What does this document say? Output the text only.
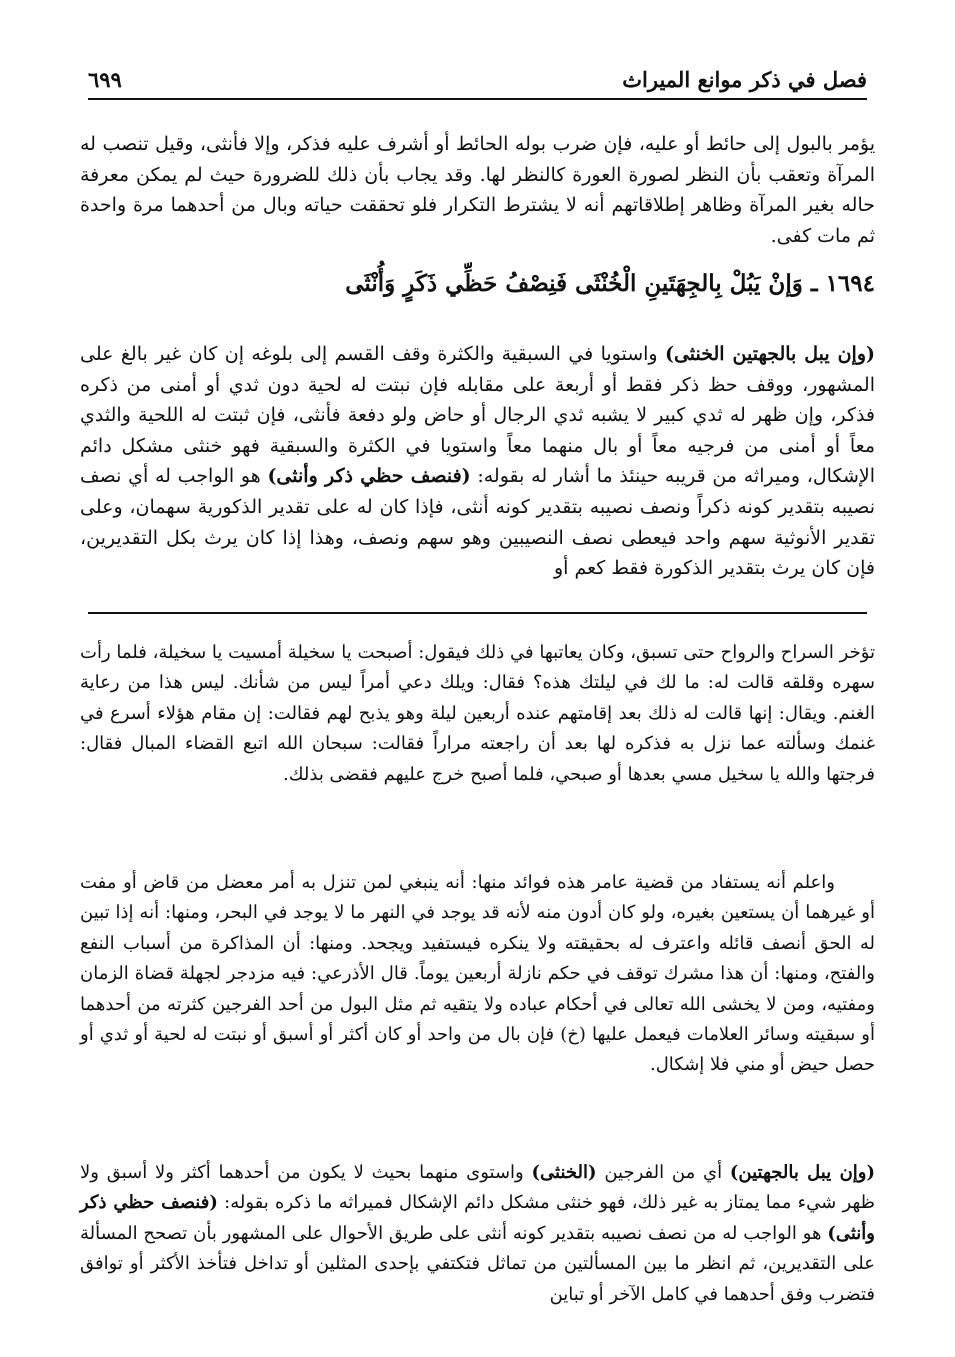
فصل في ذكر موانع الميراث
٦٩٩

يؤمر بالبول إلى حائط أو عليه، فإن ضرب بوله الحائط أو أشرف عليه فذكر، وإلا فأنثى، وقيل تنصب له المرآة وتعقب بأن النظر لصورة العورة كالنظر لها. وقد يجاب بأن ذلك للضرورة حيث لم يمكن معرفة حاله بغير المرآة وظاهر إطلاقاتهم أنه لا يشترط التكرار فلو تحققت حياته وبال من أحدهما مرة واحدة ثم مات كفى.

١٦٩٤ ـ وَإنْ يَبُلْ بِالجِهَتَينِ الْخُنْثَى فَنِصْفُ حَظِّي ذَكَرٍ وَأُنْثَى

(وإن يبل بالجهتين الخنثى) واستويا في السبقية والكثرة وقف القسم إلى بلوغه إن كان غير بالغ على المشهور، ووقف حظ ذكر فقط أو أربعة على مقابله فإن نبتت له لحية دون ثدي أو أمنى من ذكره فذكر، وإن ظهر له ثدي كبير لا يشبه ثدي الرجال أو حاض ولو دفعة فأنثى، فإن ثبتت له اللحية والثدي معاً أو أمنى من فرجيه معاً أو بال منهما معاً واستويا في الكثرة والسبقية فهو خنثى مشكل دائم الإشكال، وميراثه من قريبه حينئذ ما أشار له بقوله: (فنصف حظي ذكر وأنثى) هو الواجب له أي نصف نصيبه بتقدير كونه ذكراً ونصف نصيبه بتقدير كونه أنثى، فإذا كان له على تقدير الذكورية سهمان، وعلى تقدير الأنوثية سهم واحد فيعطى نصف النصيبين وهو سهم ونصف، وهذا إذا كان يرث بكل التقديرين، فإن كان يرث بتقدير الذكورة فقط كعم أو

تؤخر السراح والرواح حتى تسبق، وكان يعاتبها في ذلك فيقول: أصبحت يا سخيلة أمسيت يا سخيلة، فلما رأت سهره وقلقه قالت له: ما لك في ليلتك هذه؟ فقال: ويلك دعي أمراً ليس من شأنك. ليس هذا من رعاية الغنم. ويقال: إنها قالت له ذلك بعد إقامتهم عنده أربعين ليلة وهو يذبح لهم فقالت: إن مقام هؤلاء أسرع في غنمك وسألته عما نزل به فذكره لها بعد أن راجعته مراراً فقالت: سبحان الله اتبع القضاء المبال فقال: فرجتها والله يا سخيل مسي بعدها أو صبحي، فلما أصبح خرج عليهم فقضى بذلك.

واعلم أنه يستفاد من قضية عامر هذه فوائد منها: أنه ينبغي لمن تنزل به أمر معضل من قاض أو مفت أو غيرهما أن يستعين بغيره، ولو كان أدون منه لأنه قد يوجد في النهر ما لا يوجد في البحر، ومنها: أنه إذا تبين له الحق أنصف قائله واعترف له بحقيقته ولا ينكره فيستفيد ويجحد. ومنها: أن المذاكرة من أسباب النفع والفتح، ومنها: أن هذا مشرك توقف في حكم نازلة أربعين يوماً. قال الأذرعي: فيه مزدجر لجهلة قضاة الزمان ومفتيه، ومن لا يخشى الله تعالى في أحكام عباده ولا يتقيه ثم مثل البول من أحد الفرجين كثرته من أحدهما أو سبقيته وسائر العلامات فيعمل عليها (خ) فإن بال من واحد أو كان أكثر أو أسبق أو نبتت له لحية أو ثدي أو حصل حيض أو مني فلا إشكال.

(وإن يبل بالجهتين) أي من الفرجين (الخنثى) واستوى منهما بحيث لا يكون من أحدهما أكثر ولا أسبق ولا ظهر شيء مما يمتاز به غير ذلك، فهو خنثى مشكل دائم الإشكال فميراثه ما ذكره بقوله: (فنصف حظي ذكر وأنثى) هو الواجب له من نصف نصيبه بتقدير كونه أنثى على طريق الأحوال على المشهور بأن تصحح المسألة على التقديرين، ثم انظر ما بين المسألتين من تماثل فتكتفي بإحدى المثلين أو تداخل فتأخذ الأكثر أو توافق فتضرب وفق أحدهما في كامل الآخر أو تباين
